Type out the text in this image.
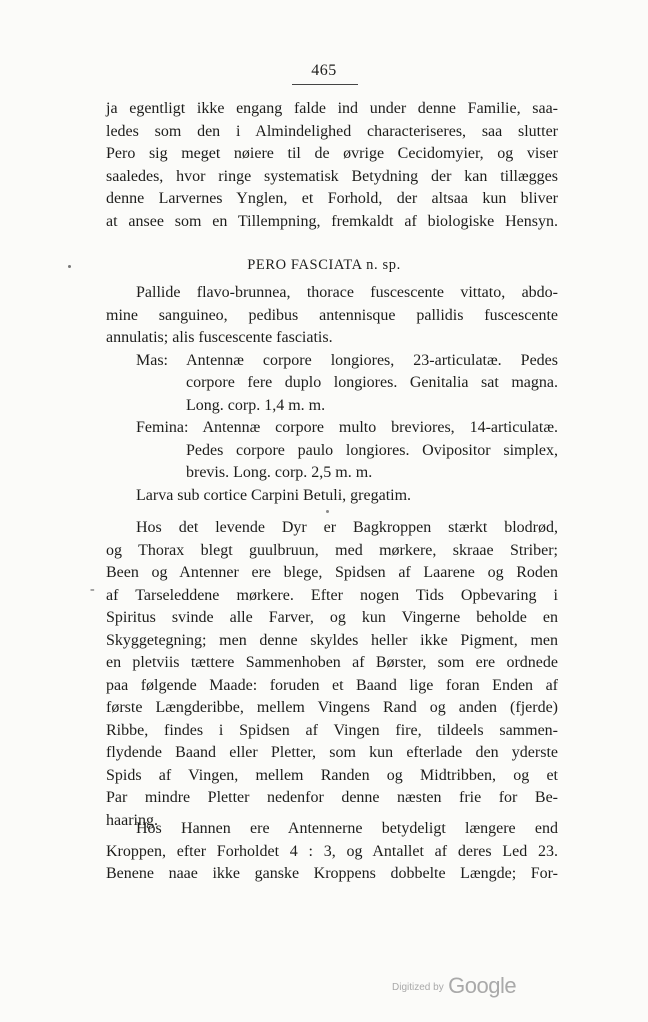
465
ja egentligt ikke engang falde ind under denne Familie, saa-
ledes som den i Almindelighed characteriseres, saa slutter
Pero sig meget nøiere til de øvrige Cecidomyier, og viser
saaledes, hvor ringe systematisk Betydning der kan tillægges
denne Larvernes Ynglen, et Forhold, der altsaa kun bliver
at ansee som en Tillempning, fremkaldt af biologiske Hensyn.
PERO FASCIATA n. sp.
Pallide flavo-brunnea, thorace fuscescente vittato, abdo-
mine sanguineo, pedibus antennisque pallidis fuscescente
annulatis; alis fuscescente fasciatis.
Mas: Antennæ corpore longiores, 23-articulatæ. Pedes
corpore fere duplo longiores. Genitalia sat magna.
Long. corp. 1,4 m. m.
Femina: Antennæ corpore multo breviores, 14-articulatæ.
Pedes corpore paulo longiores. Ovipositor simplex,
brevis. Long. corp. 2,5 m. m.
Larva sub cortice Carpini Betuli, gregatim.
Hos det levende Dyr er Bagkroppen stærkt blodrød,
og Thorax blegt guulbruun, med mørkere, skraae Striber;
Been og Antenner ere blege, Spidsen af Laarene og Roden
af Tarseleddene mørkere. Efter nogen Tids Opbevaring i
Spiritus svinde alle Farver, og kun Vingerne beholde en
Skyggetegning; men denne skyldes heller ikke Pigment, men
en pletviis tættere Sammenhoben af Børster, som ere ordnede
paa følgende Maade: foruden et Baand lige foran Enden af
første Længderibbe, mellem Vingens Rand og anden (fjerde)
Ribbe, findes i Spidsen af Vingen fire, tildeels sammen-
flydende Baand eller Pletter, som kun efterlade den yderste
Spids af Vingen, mellem Randen og Midtribben, og et
Par mindre Pletter nedenfor denne næsten frie for Be-
haaring.
-
Hos Hannen ere Antennerne betydeligt længere end
Kroppen, efter Forholdet 4 : 3, og Antallet af deres Led 23.
Benene naae ikke ganske Kroppens dobbelte Længde; For-
Digitized by Google
